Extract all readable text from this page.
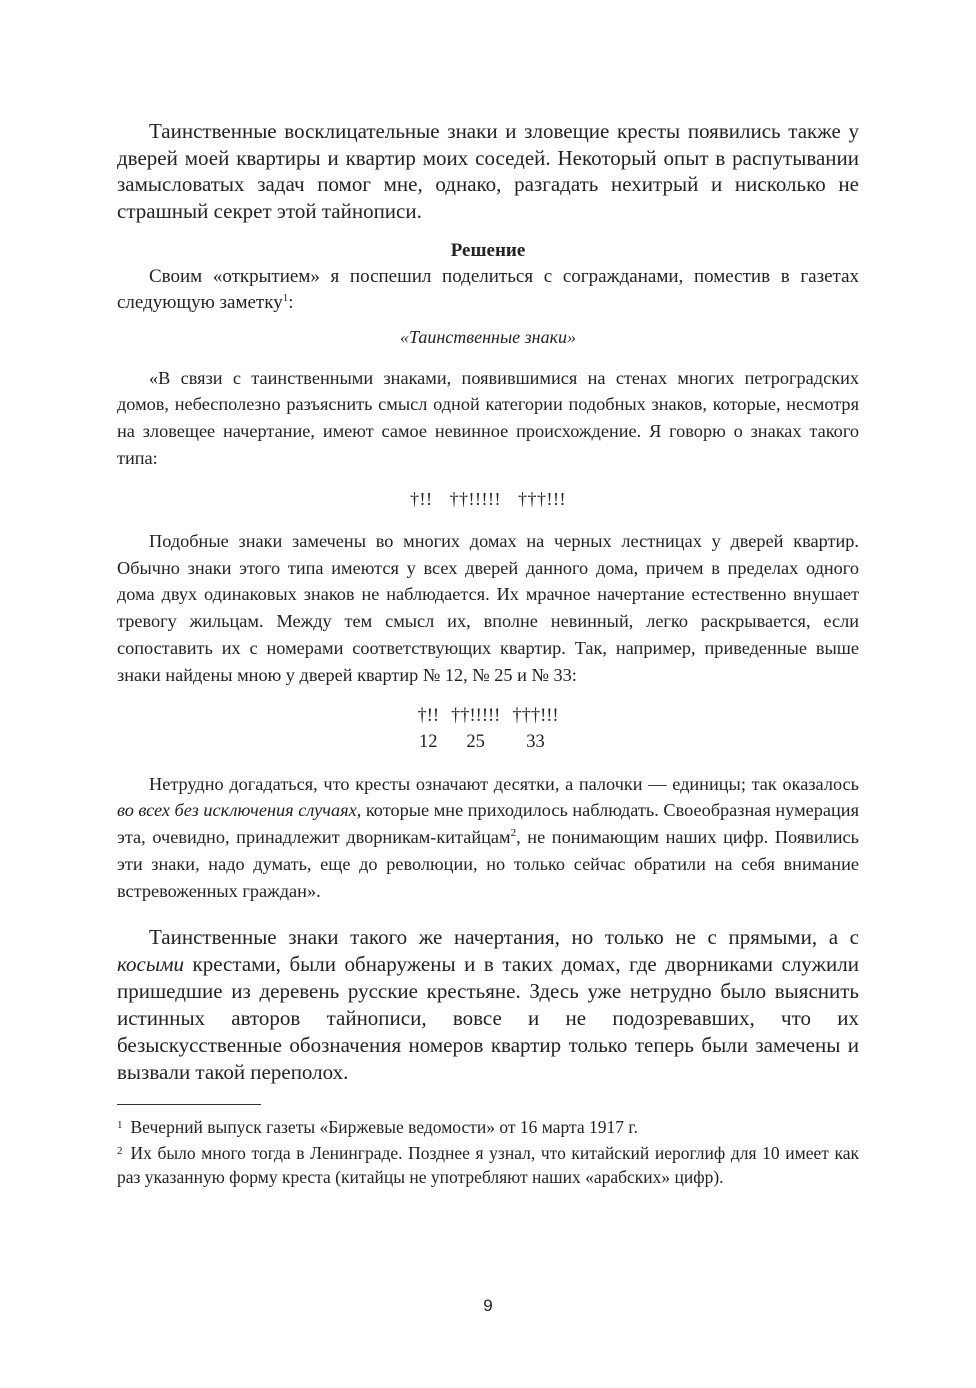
Таинственные восклицательные знаки и зловещие кресты появились также у дверей моей квартиры и квартир моих соседей. Некоторый опыт в распутывании замысловатых задач помог мне, однако, разгадать нехитрый и нисколько не страшный секрет этой тайнописи.

Решение

Своим «открытием» я поспешил поделиться с согражданами, поместив в газетах следующую заметку$^1$:

«Таинственные знаки»

«В связи с таинственными знаками, появившимися на стенах многих петроградских домов, небесполезно разъяснить смысл одной категории подобных знаков, которые, несмотря на зловещее начертание, имеют самое невинное происхождение. Я говорю о знаках такого типа:

†!! ††!!!!! †††!!!

Подобные знаки замечены во многих домах на черных лестницах у дверей квартир. Обычно знаки этого типа имеются у всех дверей данного дома, причем в пределах одного дома двух одинаковых знаков не наблюдается. Их мрачное начертание естественно внушает тревогу жильцам. Между тем смысл их, вполне невинный, легко раскрывается, если сопоставить их с номерами соответствующих квартир. Так, например, приведенные выше знаки найдены мною у дверей квартир № 12, № 25 и № 33:

†!!	††!!!!!	†††!!!
12	25	33

Нетрудно догадаться, что кресты означают десятки, а палочки — единицы; так оказалось во всех без исключения случаях, которые мне приходилось наблюдать. Своеобразная нумерация эта, очевидно, принадлежит дворникам-китайцам$^2$, не понимающим наших цифр. Появились эти знаки, надо думать, еще до революции, но только сейчас обратили на себя внимание встревоженных граждан».

Таинственные знаки такого же начертания, но только не с прямыми, а с косыми крестами, были обнаружены и в таких домах, где дворниками служили пришедшие из деревень русские крестьяне. Здесь уже нетрудно было выяснить истинных авторов тайнописи, вовсе и не подозревавших, что их безыскусственные обозначения номеров квартир только теперь были замечены и вызвали такой переполох.

$^1$ Вечерний выпуск газеты «Биржевые ведомости» от 16 марта 1917 г.

$^2$ Их было много тогда в Ленинграде. Позднее я узнал, что китайский иероглиф для 10 имеет как раз указанную форму креста (китайцы не употребляют наших «арабских» цифр).

9
